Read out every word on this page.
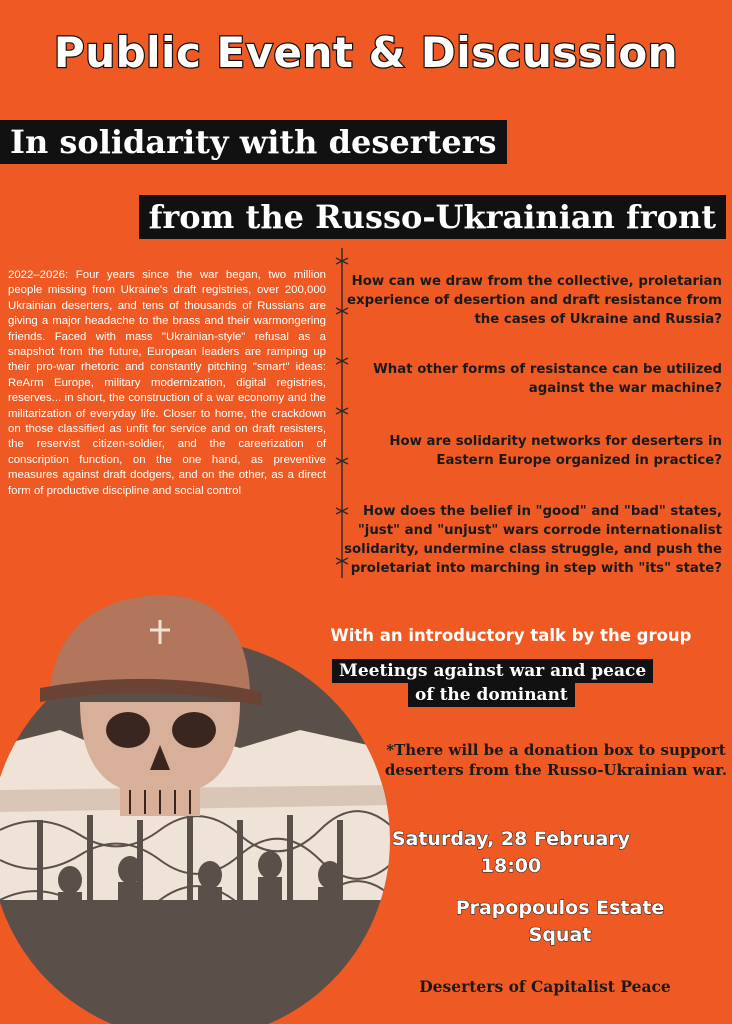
Public Event & Discussion
In solidarity with deserters
from the Russo-Ukrainian front
2022–2026: Four years since the war began, two million people missing from Ukraine's draft registries, over 200,000 Ukrainian deserters, and tens of thousands of Russians are giving a major headache to the brass and their warmongering friends. Faced with mass "Ukrainian-style" refusal as a snapshot from the future, European leaders are ramping up their pro-war rhetoric and constantly pitching "smart" ideas: ReArm Europe, military modernization, digital registries, reserves... in short, the construction of a war economy and the militarization of everyday life. Closer to home, the crackdown on those classified as unfit for service and on draft resisters, the reservist citizen-soldier, and the careerization of conscription function, on the one hand, as preventive measures against draft dodgers, and on the other, as a direct form of productive discipline and social control
How can we draw from the collective, proletarian experience of desertion and draft resistance from the cases of Ukraine and Russia?
What other forms of resistance can be utilized against the war machine?
How are solidarity networks for deserters in Eastern Europe organized in practice?
How does the belief in "good" and "bad" states, "just" and "unjust" wars corrode internationalist solidarity, undermine class struggle, and push the proletariat into marching in step with "its" state?
With an introductory talk by the group
Meetings against war and peace
of the dominant
*There will be a donation box to support deserters from the Russo-Ukrainian war.
Saturday, 28 February
18:00
Prapopoulos Estate
Squat
Deserters of Capitalist Peace
